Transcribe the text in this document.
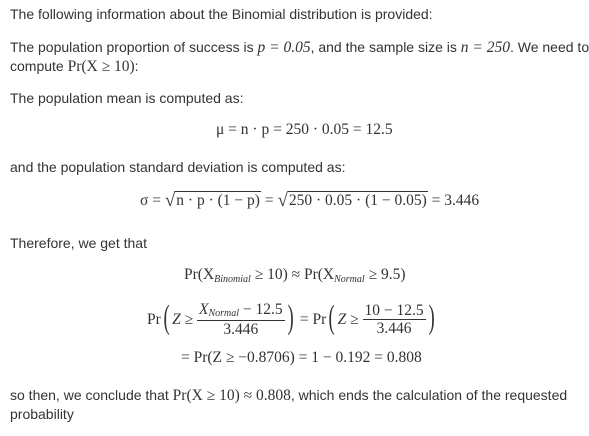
The following information about the Binomial distribution is provided:
The population proportion of success is p = 0.05, and the sample size is n = 250. We need to
compute Pr(X ≥ 10):
The population mean is computed as:
μ = n · p = 250 · 0.05 = 12.5
and the population standard deviation is computed as:
σ = √n · p · (1 − p) = √250 · 0.05 · (1 − 0.05) = 3.446
Therefore, we get that
Pr(XBinomial ≥ 10) ≈ Pr(XNormal ≥ 9.5)
Pr( $Z \ge \frac{\text{XNormal − 12.5}}{3.446}$ ) = Pr( $Z \ge \frac{10 - 12.5}{3.446}$ )
= Pr(Z ≥ −0.8706) = 1 − 0.192 = 0.808
so then, we conclude that Pr(X ≥ 10) ≈ 0.808, which ends the calculation of the requested
probability
